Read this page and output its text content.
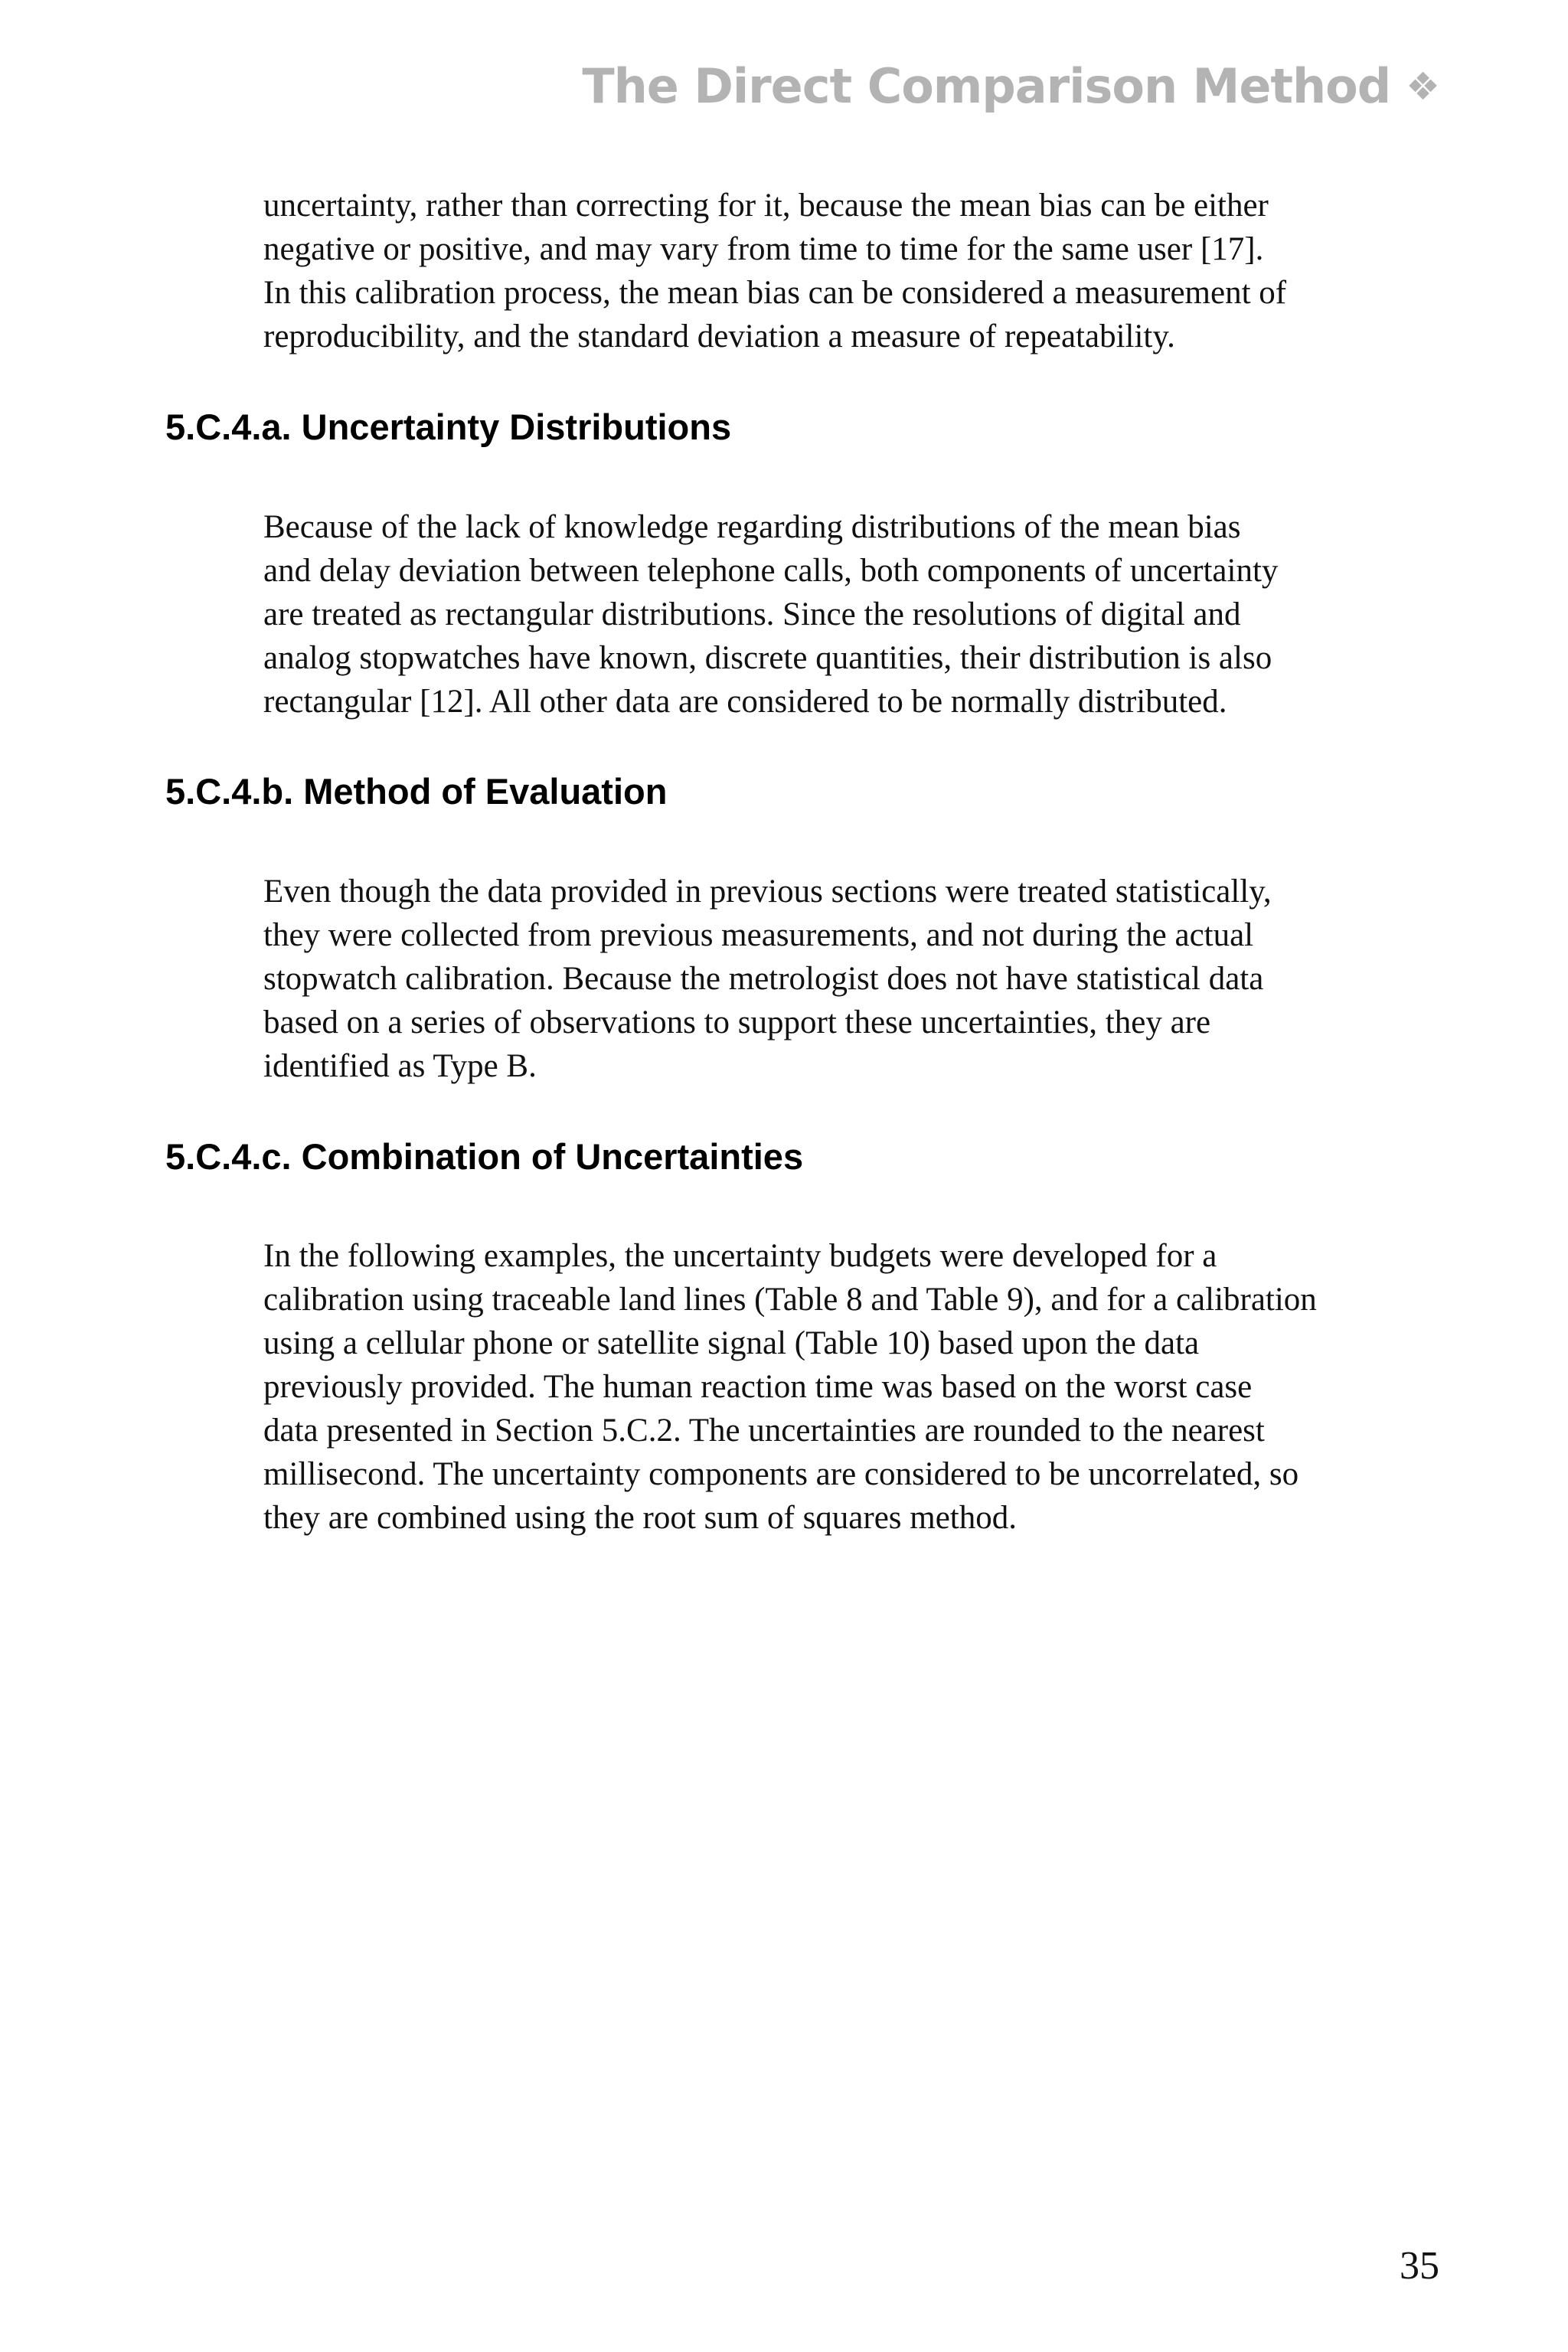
The Direct Comparison Method ❖

uncertainty, rather than correcting for it, because the mean bias can be either
negative or positive, and may vary from time to time for the same user [17].
In this calibration process, the mean bias can be considered a measurement of
reproducibility, and the standard deviation a measure of repeatability.

5.C.4.a. Uncertainty Distributions

Because of the lack of knowledge regarding distributions of the mean bias
and delay deviation between telephone calls, both components of uncertainty
are treated as rectangular distributions. Since the resolutions of digital and
analog stopwatches have known, discrete quantities, their distribution is also
rectangular [12]. All other data are considered to be normally distributed.

5.C.4.b. Method of Evaluation

Even though the data provided in previous sections were treated statistically,
they were collected from previous measurements, and not during the actual
stopwatch calibration. Because the metrologist does not have statistical data
based on a series of observations to support these uncertainties, they are
identified as Type B.

5.C.4.c. Combination of Uncertainties

In the following examples, the uncertainty budgets were developed for a
calibration using traceable land lines (Table 8 and Table 9), and for a calibration
using a cellular phone or satellite signal (Table 10) based upon the data
previously provided. The human reaction time was based on the worst case
data presented in Section 5.C.2. The uncertainties are rounded to the nearest
millisecond. The uncertainty components are considered to be uncorrelated, so
they are combined using the root sum of squares method.

35
